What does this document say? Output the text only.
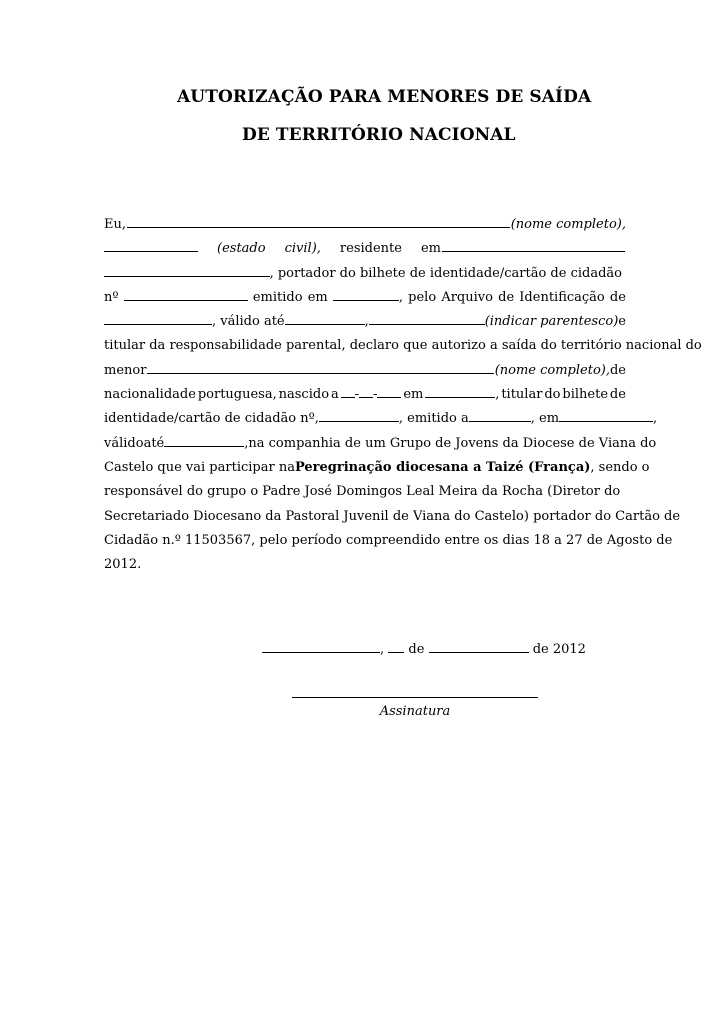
AUTORIZAÇÃO PARA MENORES DE SAÍDA
DE TERRITÓRIO NACIONAL
Eu,	(nome completo),
(estado civil), residente em
, portador do bilhete de identidade/cartão de cidadão
nº	emitido em	, pelo Arquivo de Identificação de
, válido até	,	(indicar parentesco) e
titular da responsabilidade parental, declaro que autorizo a saída do território nacional do
menor	(nome completo), de
nacionalidade portuguesa, nascido a	- -	em	, titular do bilhete de
identidade/cartão de cidadão nº,	, emitido a	, em	,
válido até	, na companhia de um Grupo de Jovens da Diocese de Viana do
Castelo que vai participar na Peregrinação diocesana a Taizé (França), sendo o
responsável do grupo o Padre José Domingos Leal Meira da Rocha (Diretor do
Secretariado Diocesano da Pastoral Juvenil de Viana do Castelo) portador do Cartão de
Cidadão n.º 11503567, pelo período compreendido entre os dias 18 a 27 de Agosto de
2012.
, de	de 2012
Assinatura
